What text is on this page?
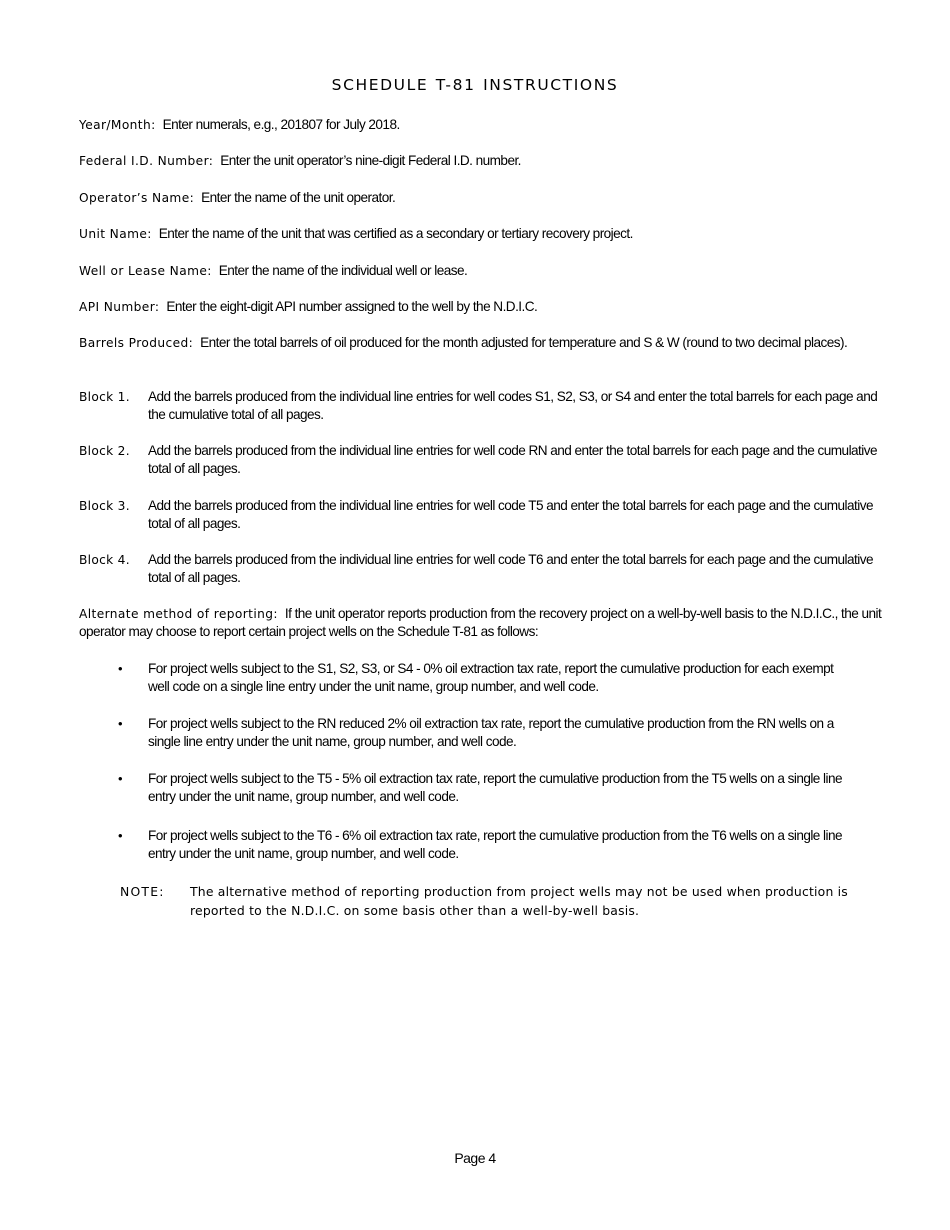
SCHEDULE T-81 INSTRUCTIONS
Year/Month: Enter numerals, e.g., 201807 for July 2018.
Federal I.D. Number: Enter the unit operator’s nine-digit Federal I.D. number.
Operator’s Name: Enter the name of the unit operator.
Unit Name: Enter the name of the unit that was certified as a secondary or tertiary recovery project.
Well or Lease Name: Enter the name of the individual well or lease.
API Number: Enter the eight-digit API number assigned to the well by the N.D.I.C.
Barrels Produced: Enter the total barrels of oil produced for the month adjusted for temperature and S & W (round to two decimal places).
Block 1. Add the barrels produced from the individual line entries for well codes S1, S2, S3, or S4 and enter the total barrels for each page and the cumulative total of all pages.
Block 2. Add the barrels produced from the individual line entries for well code RN and enter the total barrels for each page and the cumulative total of all pages.
Block 3. Add the barrels produced from the individual line entries for well code T5 and enter the total barrels for each page and the cumulative total of all pages.
Block 4. Add the barrels produced from the individual line entries for well code T6 and enter the total barrels for each page and the cumulative total of all pages.
Alternate method of reporting: If the unit operator reports production from the recovery project on a well-by-well basis to the N.D.I.C., the unit operator may choose to report certain project wells on the Schedule T-81 as follows:
• For project wells subject to the S1, S2, S3, or S4 - 0% oil extraction tax rate, report the cumulative production for each exempt well code on a single line entry under the unit name, group number, and well code.
• For project wells subject to the RN reduced 2% oil extraction tax rate, report the cumulative production from the RN wells on a single line entry under the unit name, group number, and well code.
• For project wells subject to the T5 - 5% oil extraction tax rate, report the cumulative production from the T5 wells on a single line entry under the unit name, group number, and well code.
• For project wells subject to the T6 - 6% oil extraction tax rate, report the cumulative production from the T6 wells on a single line entry under the unit name, group number, and well code.
NOTE: The alternative method of reporting production from project wells may not be used when production is reported to the N.D.I.C. on some basis other than a well-by-well basis.
Page 4
